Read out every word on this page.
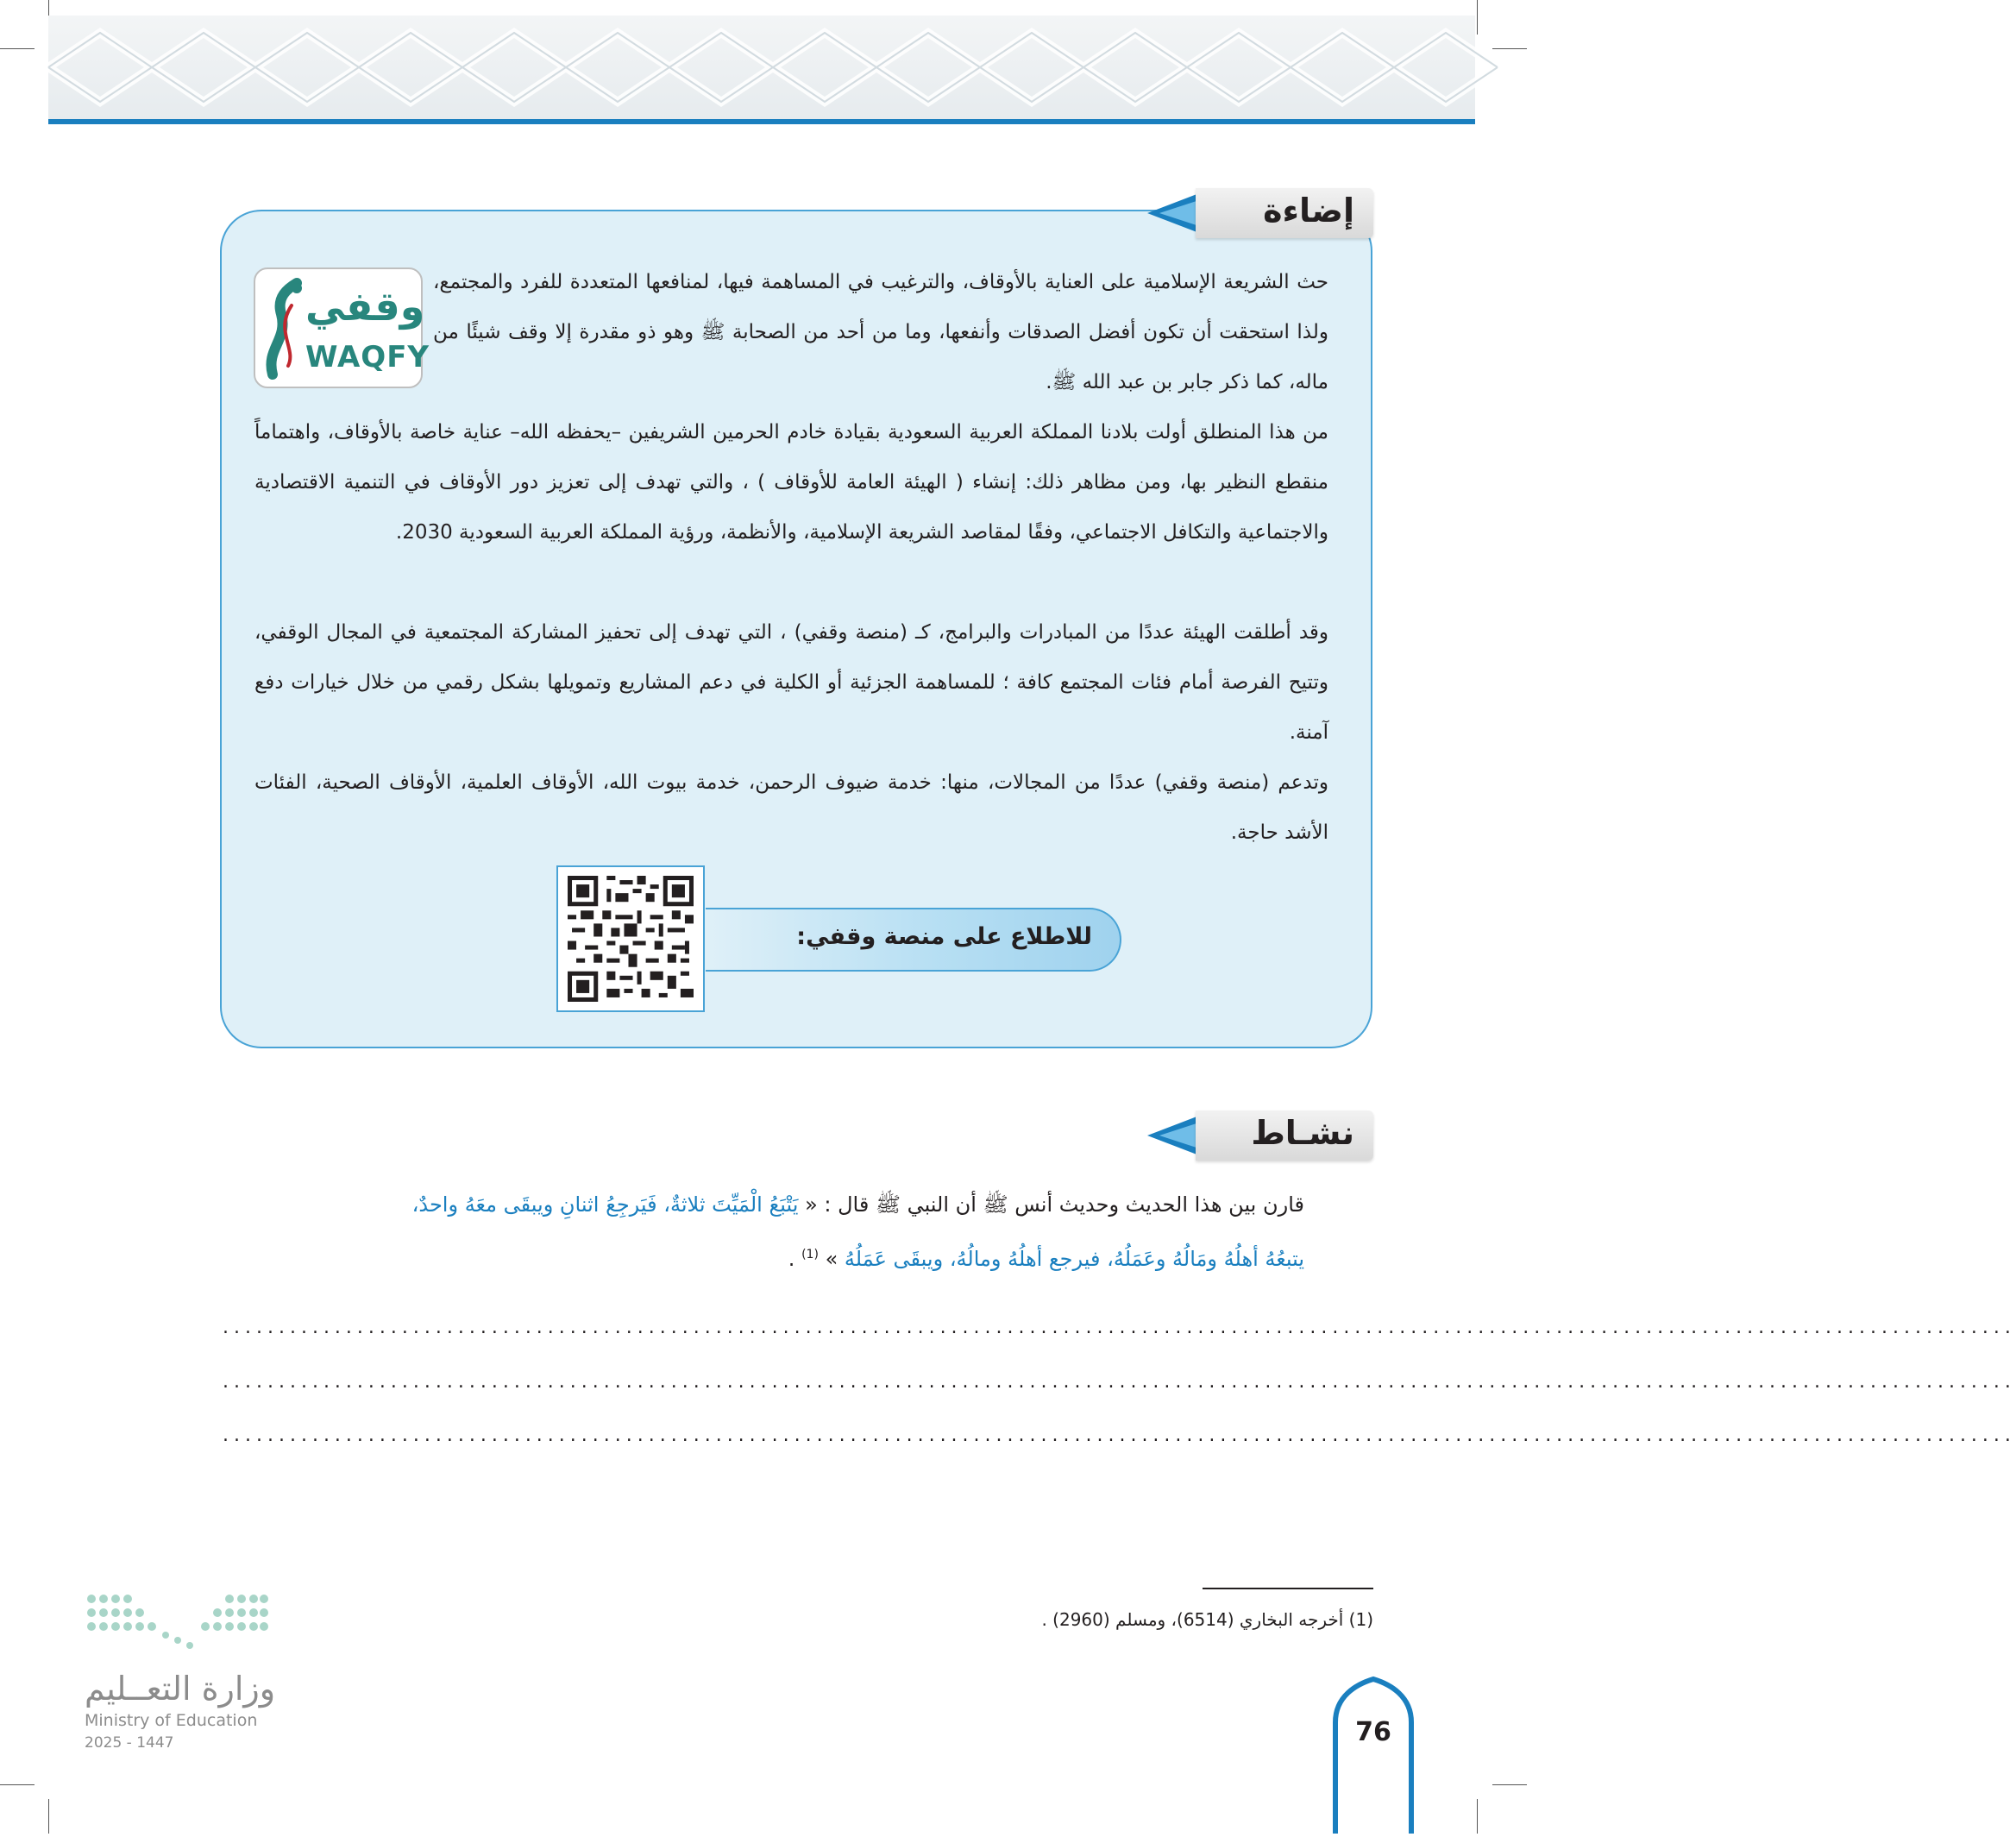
إضاءة
وقفي
WAQFY

حث الشريعة الإسلامية على العناية بالأوقاف، والترغيب في المساهمة فيها، لمنافعها المتعددة للفرد والمجتمع، ولذا استحقت أن تكون أفضل الصدقات وأنفعها، وما من أحد من الصحابة ﷺ وهو ذو مقدرة إلا وقف شيئًا من ماله، كما ذكر جابر بن عبد الله ﷺ.

من هذا المنطلق أولت بلادنا المملكة العربية السعودية بقيادة خادم الحرمين الشريفين –يحفظه الله– عناية خاصة بالأوقاف، واهتماماً منقطع النظير بها، ومن مظاهر ذلك: إنشاء ( الهيئة العامة للأوقاف ) ، والتي تهدف إلى تعزيز دور الأوقاف في التنمية الاقتصادية والاجتماعية والتكافل الاجتماعي، وفقًا لمقاصد الشريعة الإسلامية، والأنظمة، ورؤية المملكة العربية السعودية 2030.

وقد أطلقت الهيئة عددًا من المبادرات والبرامج، كـ (منصة وقفي) ، التي تهدف إلى تحفيز المشاركة المجتمعية في المجال الوقفي، وتتيح الفرصة أمام فئات المجتمع كافة ؛ للمساهمة الجزئية أو الكلية في دعم المشاريع وتمويلها بشكل رقمي من خلال خيارات دفع آمنة.

وتدعم (منصة وقفي) عددًا من المجالات، منها: خدمة ضيوف الرحمن، خدمة بيوت الله، الأوقاف العلمية، الأوقاف الصحية، الفئات الأشد حاجة.

للاطلاع على منصة وقفي:
نشـاط

قارن بين هذا الحديث وحديث أنس ﷺ أن النبي ﷺ قال : « يَتْبَعُ الْمَيِّتَ ثلاثةٌ، فَيَرجِعُ اثنانِ ويبقَى معَهُ واحدٌ،

يتبعُهُ أهلُهُ ومَالُهُ وعَمَلُهُ، فيرجع أهلُهُ ومالُهُ، ويبقَى عَمَلُهُ » $^{(1)}$ .

................................................................................................................................................................
................................................................................................................................................................
................................................................................................................................................................
(1) أخرجه البخاري (6514)، ومسلم (2960) .
وزارة التعــليم
Ministry of Education
2025 - 1447	76
